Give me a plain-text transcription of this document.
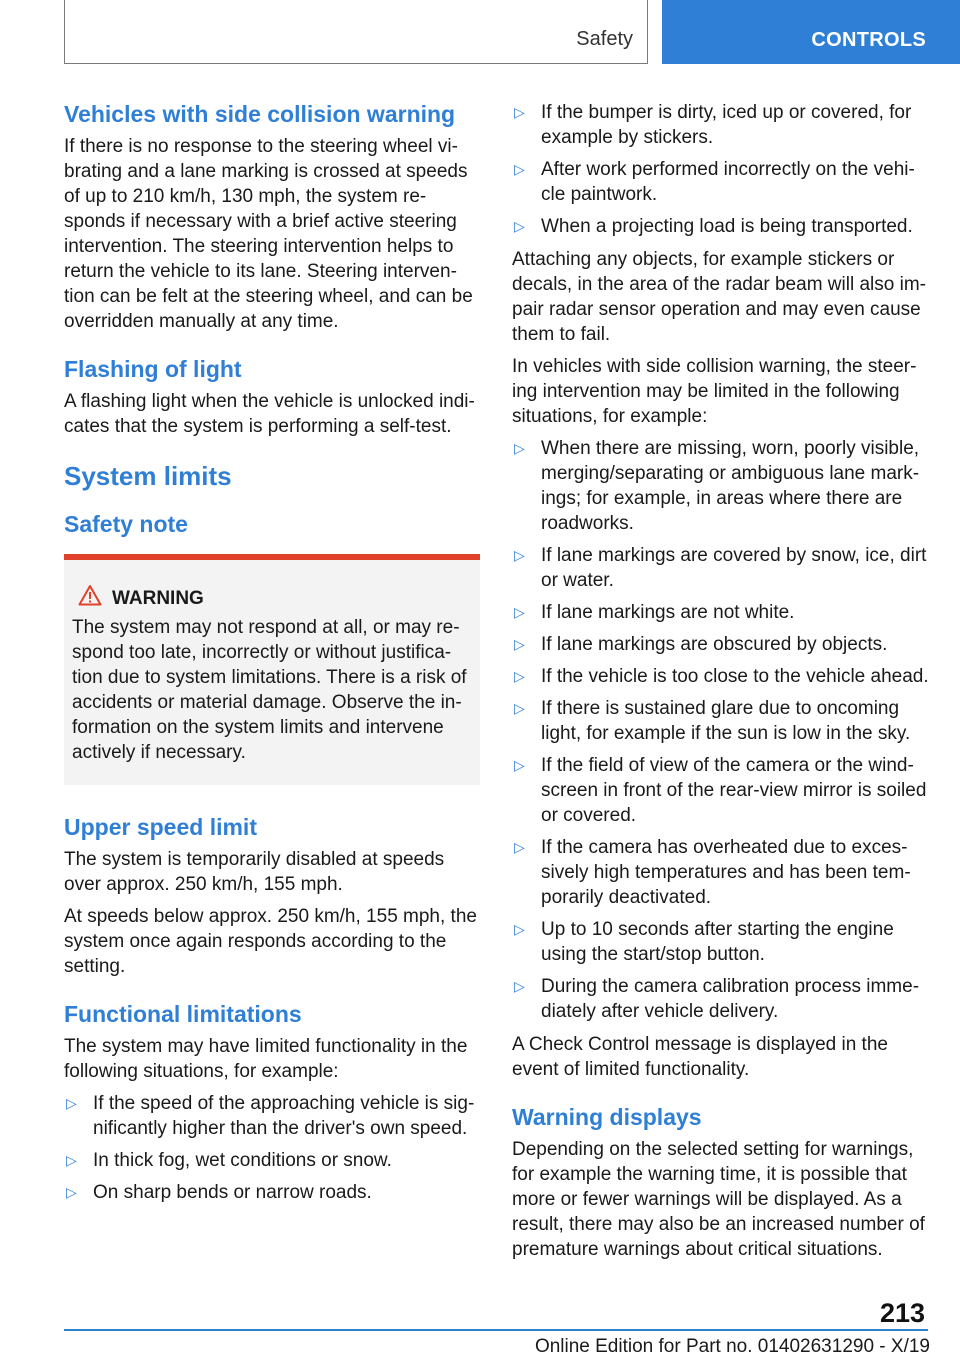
Safety	CONTROLS
Vehicles with side collision warning

If there is no response to the steering wheel vibrating and a lane marking is crossed at speeds of up to 210 km/h, 130 mph, the system responds if necessary with a brief active steering intervention. The steering intervention helps to return the vehicle to its lane. Steering intervention can be felt at the steering wheel, and can be overridden manually at any time.

Flashing of light

A flashing light when the vehicle is unlocked indicates that the system is performing a self-test.

System limits
Safety note
WARNING

The system may not respond at all, or may respond too late, incorrectly or without justification due to system limitations. There is a risk of accidents or material damage. Observe the information on the system limits and intervene actively if necessary.

Upper speed limit

The system is temporarily disabled at speeds over approx. 250 km/h, 155 mph.

At speeds below approx. 250 km/h, 155 mph, the system once again responds according to the setting.

Functional limitations

The system may have limited functionality in the following situations, for example:

▷ If the speed of the approaching vehicle is significantly higher than the driver's own speed.
▷ In thick fog, wet conditions or snow.
▷ On sharp bends or narrow roads.
▷ If the bumper is dirty, iced up or covered, for example by stickers.
▷ After work performed incorrectly on the vehicle paintwork.
▷ When a projecting load is being transported.

Attaching any objects, for example stickers or decals, in the area of the radar beam will also impair radar sensor operation and may even cause them to fail.

In vehicles with side collision warning, the steering intervention may be limited in the following situations, for example:

▷ When there are missing, worn, poorly visible, merging/separating or ambiguous lane markings; for example, in areas where there are roadworks.
▷ If lane markings are covered by snow, ice, dirt or water.
▷ If lane markings are not white.
▷ If lane markings are obscured by objects.
▷ If the vehicle is too close to the vehicle ahead.
▷ If there is sustained glare due to oncoming light, for example if the sun is low in the sky.
▷ If the field of view of the camera or the windscreen in front of the rear-view mirror is soiled or covered.
▷ If the camera has overheated due to excessively high temperatures and has been temporarily deactivated.
▷ Up to 10 seconds after starting the engine using the start/stop button.
▷ During the camera calibration process immediately after vehicle delivery.

A Check Control message is displayed in the event of limited functionality.

Warning displays

Depending on the selected setting for warnings, for example the warning time, it is possible that more or fewer warnings will be displayed. As a result, there may also be an increased number of premature warnings about critical situations.

213
Online Edition for Part no. 01402631290 - X/19
